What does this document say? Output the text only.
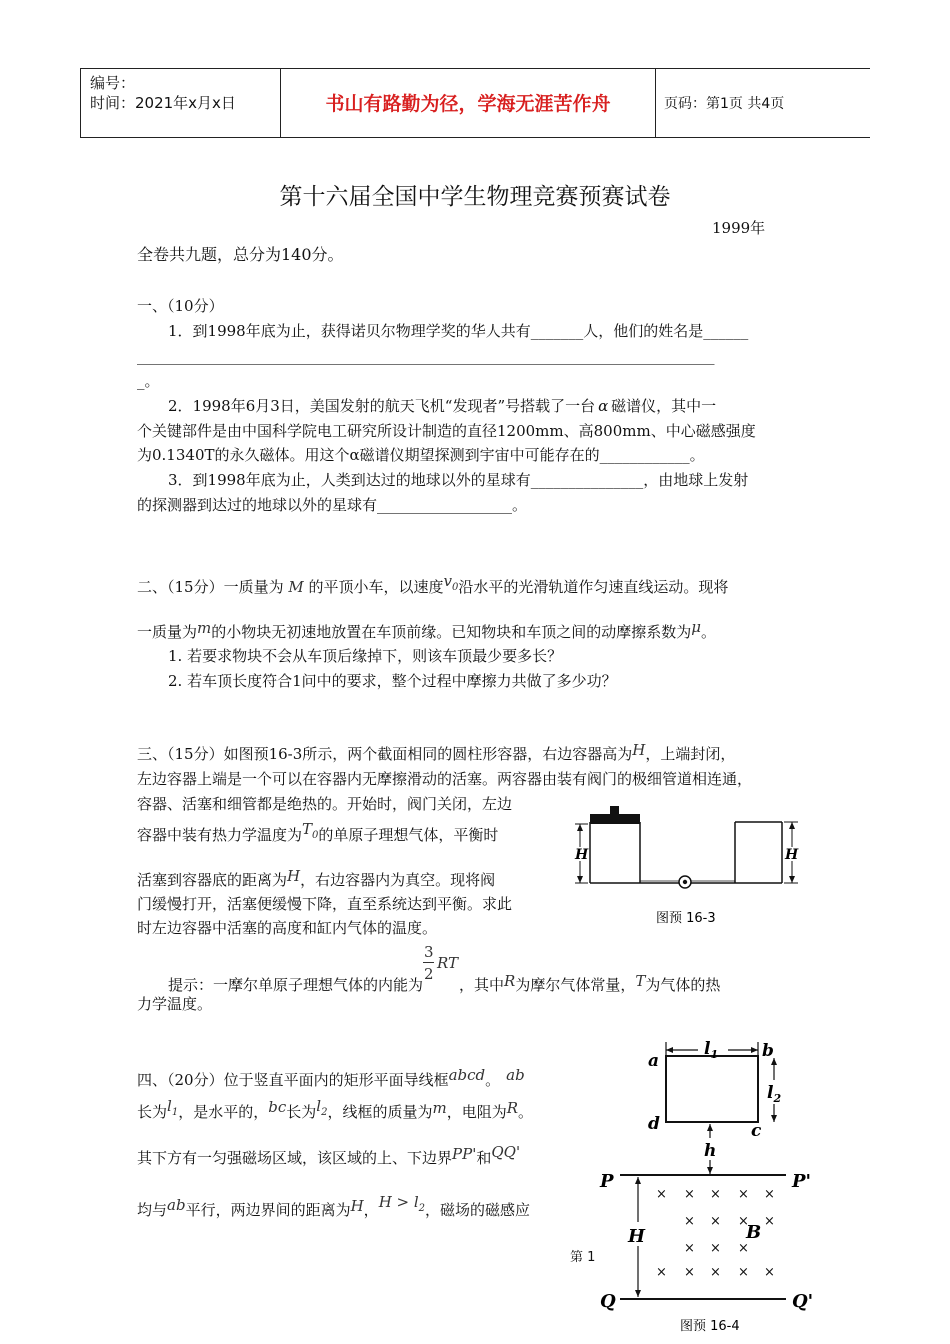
编号：
时间：2021年x月x日	书山有路勤为径，学海无涯苦作舟	页码：第1页 共4页
第十六届全国中学生物理竞赛预赛试卷
1999年
全卷共九题，总分为140分。
一、（10分）
1．到1998年底为止，获得诺贝尔物理学奖的华人共有_______人，他们的姓名是______
_____________________________________________________________________________
_。
2．1998年6月3日，美国发射的航天飞机“发现者”号搭载了一台 α 磁谱仪，其中一
个关键部件是由中国科学院电工研究所设计制造的直径1200mm、高800mm、中心磁感强度
为0.1340T的永久磁体。用这个α磁谱仪期望探测到宇宙中可能存在的____________。
3．到1998年底为止，人类到达过的地球以外的星球有_______________，由地球上发射
的探测器到达过的地球以外的星球有__________________。
二、（15分）一质量为 M 的平顶小车，以速度$v_0$沿水平的光滑轨道作匀速直线运动。现将
一质量为m的小物块无初速地放置在车顶前缘。已知物块和车顶之间的动摩擦系数为μ。
1. 若要求物块不会从车顶后缘掉下，则该车顶最少要多长？
2. 若车顶长度符合1问中的要求，整个过程中摩擦力共做了多少功？
三、（15分）如图预16-3所示，两个截面相同的圆柱形容器，右边容器高为H，上端封闭，
左边容器上端是一个可以在容器内无摩擦滑动的活塞。两容器由装有阀门的极细管道相连通，
容器、活塞和细管都是绝热的。开始时，阀门关闭，左边
容器中装有热力学温度为$T_0$的单原子理想气体，平衡时
活塞到容器底的距离为H，右边容器内为真空。现将阀
门缓慢打开，活塞便缓慢下降，直至系统达到平衡。求此
时左边容器中活塞的高度和缸内气体的温度。
H	H
图预 16-3
提示：一摩尔单原子理想气体的内能为
3
2
RT
，其中R为摩尔气体常量，T为气体的热
力学温度。
四、（20分）位于竖直平面内的矩形平面导线框abcd。 ab
长为$l_1$，是水平的，bc长为$l_2$，线框的质量为m，电阻为R。
其下方有一匀强磁场区域，该区域的上、下边界PP'和QQ'
均与ab平行，两边界间的距离为H，$H > l_2$，磁场的磁感应
第 1
a	b
d	c
$l_1$
$l_2$
h
P	P'
Q	Q'
H	B
× × × × ×
× × × ×
× × ×
× × × × ×
图预 16-4
